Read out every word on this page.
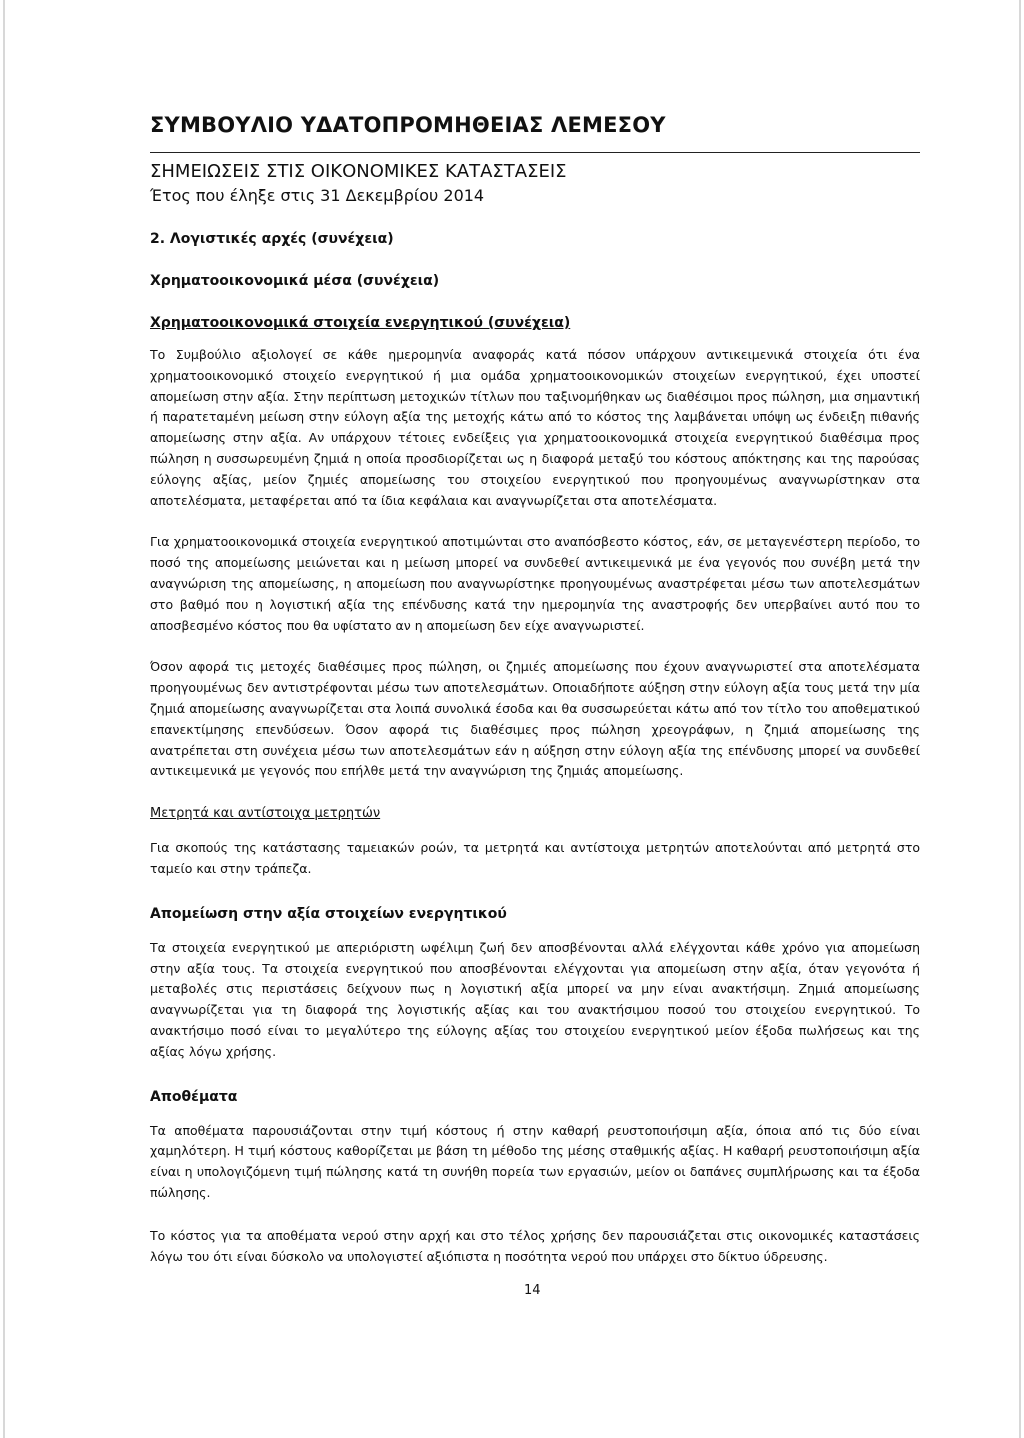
ΣΥΜΒΟΥΛΙΟ ΥΔΑΤΟΠΡΟΜΗΘΕΙΑΣ ΛΕΜΕΣΟΥ

ΣΗΜΕΙΩΣΕΙΣ ΣΤΙΣ ΟΙΚΟΝΟΜΙΚΕΣ ΚΑΤΑΣΤΑΣΕΙΣ

Έτος που έληξε στις 31 Δεκεμβρίου 2014

2. Λογιστικές αρχές (συνέχεια)

Χρηματοοικονομικά μέσα (συνέχεια)

Χρηματοοικονομικά στοιχεία ενεργητικού (συνέχεια)

Το Συμβούλιο αξιολογεί σε κάθε ημερομηνία αναφοράς κατά πόσον υπάρχουν αντικειμενικά στοιχεία ότι ένα χρηματοοικονομικό στοιχείο ενεργητικού ή μια ομάδα χρηματοοικονομικών στοιχείων ενεργητικού, έχει υποστεί απομείωση στην αξία. Στην περίπτωση μετοχικών τίτλων που ταξινομήθηκαν ως διαθέσιμοι προς πώληση, μια σημαντική ή παρατεταμένη μείωση στην εύλογη αξία της μετοχής κάτω από το κόστος της λαμβάνεται υπόψη ως ένδειξη πιθανής απομείωσης στην αξία. Αν υπάρχουν τέτοιες ενδείξεις για χρηματοοικονομικά στοιχεία ενεργητικού διαθέσιμα προς πώληση η συσσωρευμένη ζημιά η οποία προσδιορίζεται ως η διαφορά μεταξύ του κόστους απόκτησης και της παρούσας εύλογης αξίας, μείον ζημιές απομείωσης του στοιχείου ενεργητικού που προηγουμένως αναγνωρίστηκαν στα αποτελέσματα, μεταφέρεται από τα ίδια κεφάλαια και αναγνωρίζεται στα αποτελέσματα.

Για χρηματοοικονομικά στοιχεία ενεργητικού αποτιμώνται στο αναπόσβεστο κόστος, εάν, σε μεταγενέστερη περίοδο, το ποσό της απομείωσης μειώνεται και η μείωση μπορεί να συνδεθεί αντικειμενικά με ένα γεγονός που συνέβη μετά την αναγνώριση της απομείωσης, η απομείωση που αναγνωρίστηκε προηγουμένως αναστρέφεται μέσω των αποτελεσμάτων στο βαθμό που η λογιστική αξία της επένδυσης κατά την ημερομηνία της αναστροφής δεν υπερβαίνει αυτό που το αποσβεσμένο κόστος που θα υφίστατο αν η απομείωση δεν είχε αναγνωριστεί.

Όσον αφορά τις μετοχές διαθέσιμες προς πώληση, οι ζημιές απομείωσης που έχουν αναγνωριστεί στα αποτελέσματα προηγουμένως δεν αντιστρέφονται μέσω των αποτελεσμάτων. Οποιαδήποτε αύξηση στην εύλογη αξία τους μετά την μία ζημιά απομείωσης αναγνωρίζεται στα λοιπά συνολικά έσοδα και θα συσσωρεύεται κάτω από τον τίτλο του αποθεματικού επανεκτίμησης επενδύσεων. Όσον αφορά τις διαθέσιμες προς πώληση χρεογράφων, η ζημιά απομείωσης της ανατρέπεται στη συνέχεια μέσω των αποτελεσμάτων εάν η αύξηση στην εύλογη αξία της επένδυσης μπορεί να συνδεθεί αντικειμενικά με γεγονός που επήλθε μετά την αναγνώριση της ζημιάς απομείωσης.

Μετρητά και αντίστοιχα μετρητών

Για σκοπούς της κατάστασης ταμειακών ροών, τα μετρητά και αντίστοιχα μετρητών αποτελούνται από μετρητά στο ταμείο και στην τράπεζα.

Απομείωση στην αξία στοιχείων ενεργητικού

Τα στοιχεία ενεργητικού με απεριόριστη ωφέλιμη ζωή δεν αποσβένονται αλλά ελέγχονται κάθε χρόνο για απομείωση στην αξία τους. Τα στοιχεία ενεργητικού που αποσβένονται ελέγχονται για απομείωση στην αξία, όταν γεγονότα ή μεταβολές στις περιστάσεις δείχνουν πως η λογιστική αξία μπορεί να μην είναι ανακτήσιμη. Ζημιά απομείωσης αναγνωρίζεται για τη διαφορά της λογιστικής αξίας και του ανακτήσιμου ποσού του στοιχείου ενεργητικού. Το ανακτήσιμο ποσό είναι το μεγαλύτερο της εύλογης αξίας του στοιχείου ενεργητικού μείον έξοδα πωλήσεως και της αξίας λόγω χρήσης.

Αποθέματα

Τα αποθέματα παρουσιάζονται στην τιμή κόστους ή στην καθαρή ρευστοποιήσιμη αξία, όποια από τις δύο είναι χαμηλότερη. Η τιμή κόστους καθορίζεται με βάση τη μέθοδο της μέσης σταθμικής αξίας. Η καθαρή ρευστοποιήσιμη αξία είναι η υπολογιζόμενη τιμή πώλησης κατά τη συνήθη πορεία των εργασιών, μείον οι δαπάνες συμπλήρωσης και τα έξοδα πώλησης.

Το κόστος για τα αποθέματα νερού στην αρχή και στο τέλος χρήσης δεν παρουσιάζεται στις οικονομικές καταστάσεις λόγω του ότι είναι δύσκολο να υπολογιστεί αξιόπιστα η ποσότητα νερού που υπάρχει στο δίκτυο ύδρευσης.

14
